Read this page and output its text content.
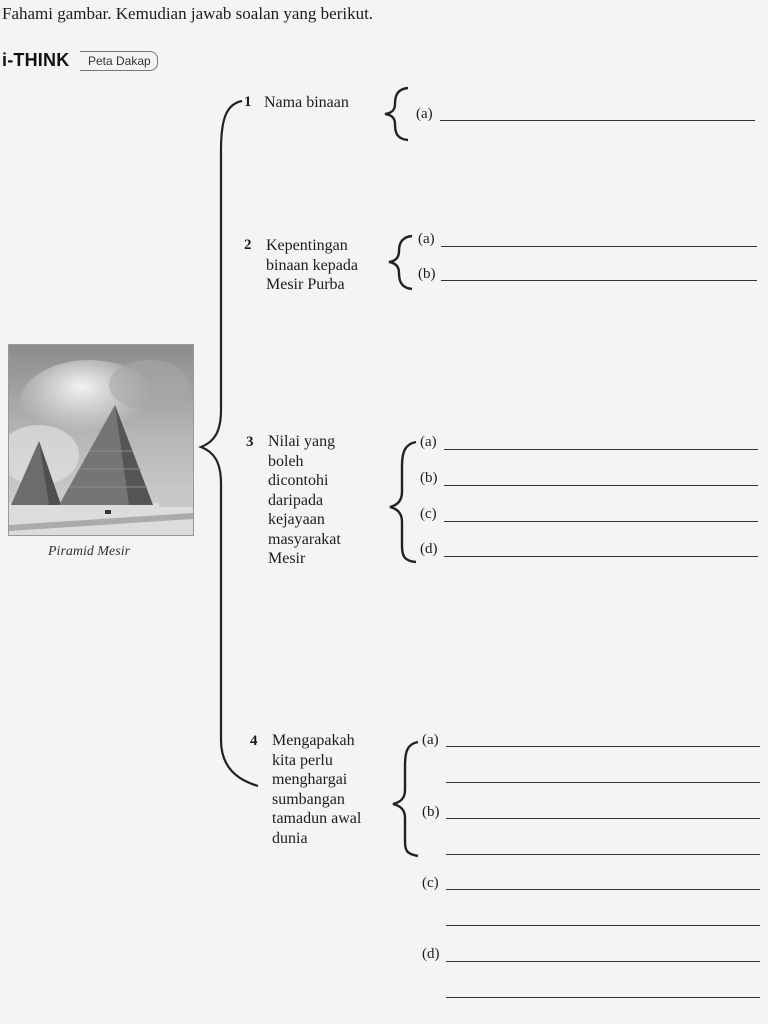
Fahami gambar. Kemudian jawab soalan yang berikut.
i-THINK	Peta Dakap
Piramid Mesir
1 Nama binaan
(a)
2 Kepentingan
binaan kepada
Mesir Purba
(a)
(b)
3 Nilai yang
boleh
dicontohi
daripada
kejayaan
masyarakat
Mesir
(a)
(b)
(c)
(d)
4 Mengapakah
kita perlu
menghargai
sumbangan
tamadun awal
dunia
(a)
(b)
(c)
(d)
